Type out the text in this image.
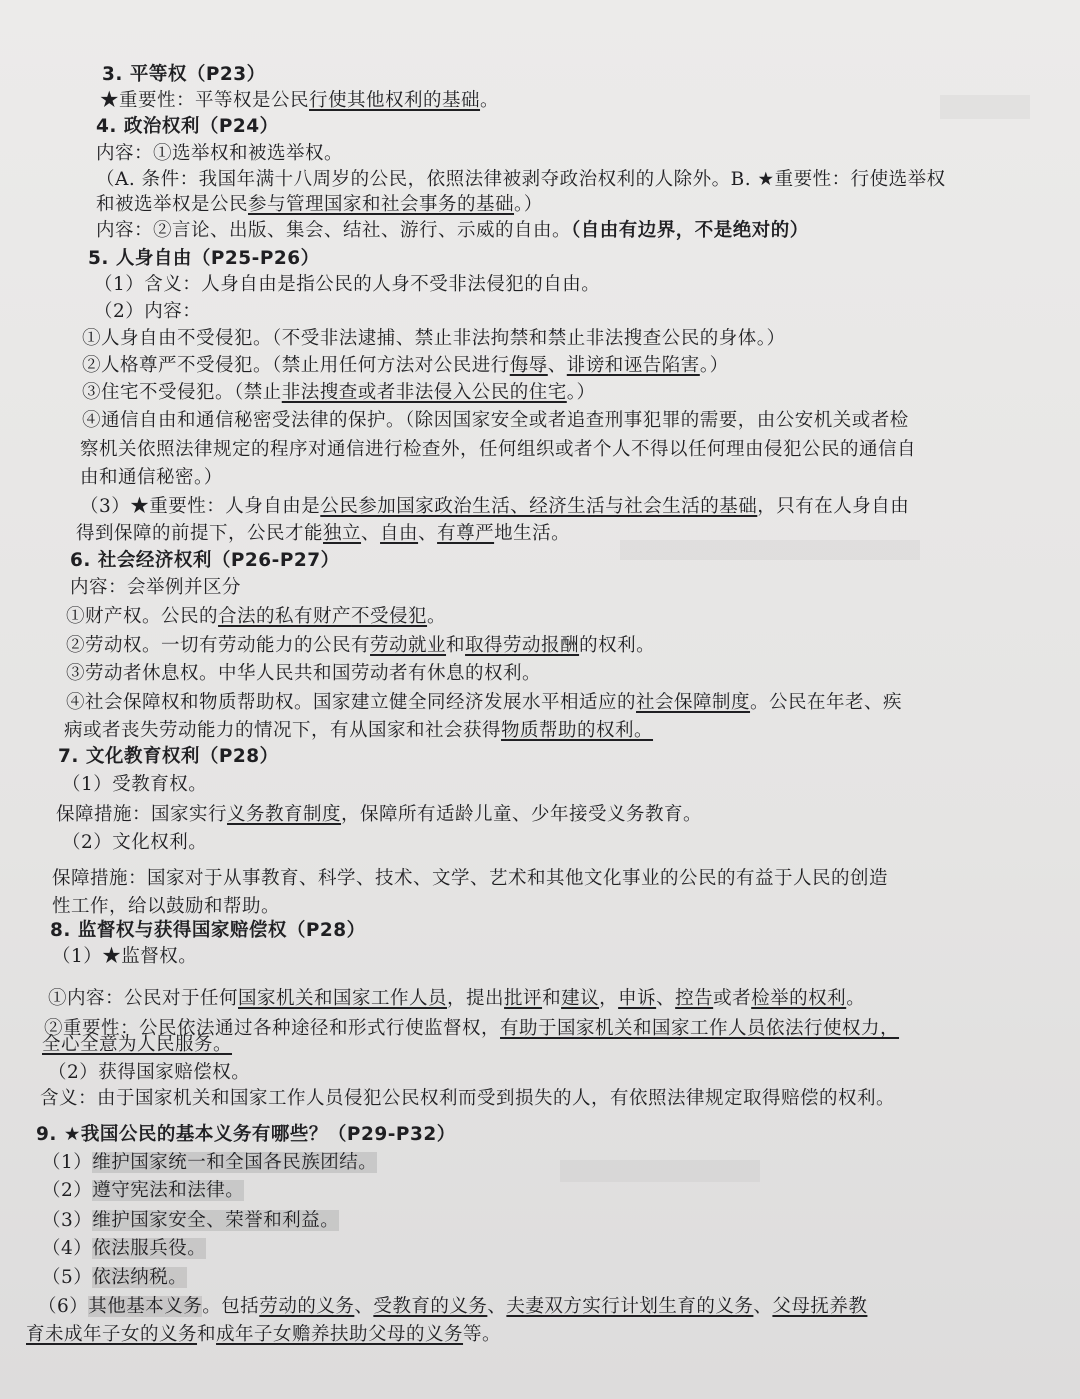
3. 平等权（P23）
★重要性：平等权是公民行使其他权利的基础。
4. 政治权利（P24）
内容：①选举权和被选举权。
（A. 条件：我国年满十八周岁的公民，依照法律被剥夺政治权利的人除外。B. ★重要性：行使选举权
和被选举权是公民参与管理国家和社会事务的基础。）
内容：②言论、出版、集会、结社、游行、示威的自由。（自由有边界，不是绝对的）
5. 人身自由（P25-P26）
（1）含义：人身自由是指公民的人身不受非法侵犯的自由。
（2）内容：
①人身自由不受侵犯。（不受非法逮捕、禁止非法拘禁和禁止非法搜查公民的身体。）
②人格尊严不受侵犯。（禁止用任何方法对公民进行侮辱、诽谤和诬告陷害。）
③住宅不受侵犯。（禁止非法搜查或者非法侵入公民的住宅。）
④通信自由和通信秘密受法律的保护。（除因国家安全或者追查刑事犯罪的需要，由公安机关或者检
察机关依照法律规定的程序对通信进行检查外，任何组织或者个人不得以任何理由侵犯公民的通信自
由和通信秘密。）
（3）★重要性：人身自由是公民参加国家政治生活、经济生活与社会生活的基础，只有在人身自由
得到保障的前提下，公民才能独立、自由、有尊严地生活。
6. 社会经济权利（P26-P27）
内容：会举例并区分
①财产权。公民的合法的私有财产不受侵犯。
②劳动权。一切有劳动能力的公民有劳动就业和取得劳动报酬的权利。
③劳动者休息权。中华人民共和国劳动者有休息的权利。
④社会保障权和物质帮助权。国家建立健全同经济发展水平相适应的社会保障制度。公民在年老、疾
病或者丧失劳动能力的情况下，有从国家和社会获得物质帮助的权利。
7. 文化教育权利（P28）
（1）受教育权。
保障措施：国家实行义务教育制度，保障所有适龄儿童、少年接受义务教育。
（2）文化权利。
保障措施：国家对于从事教育、科学、技术、文学、艺术和其他文化事业的公民的有益于人民的创造
性工作，给以鼓励和帮助。
8. 监督权与获得国家赔偿权（P28）
（1）★监督权。
①内容：公民对于任何国家机关和国家工作人员，提出批评和建议，申诉、控告或者检举的权利。
②重要性：公民依法通过各种途径和形式行使监督权，有助于国家机关和国家工作人员依法行使权力，
全心全意为人民服务。
（2）获得国家赔偿权。
含义：由于国家机关和国家工作人员侵犯公民权利而受到损失的人，有依照法律规定取得赔偿的权利。
9. ★我国公民的基本义务有哪些？（P29-P32）
（1）维护国家统一和全国各民族团结。
（2）遵守宪法和法律。
（3）维护国家安全、荣誉和利益。
（4）依法服兵役。
（5）依法纳税。
（6）其他基本义务。包括劳动的义务、受教育的义务、夫妻双方实行计划生育的义务、父母抚养教
育未成年子女的义务和成年子女赡养扶助父母的义务等。
